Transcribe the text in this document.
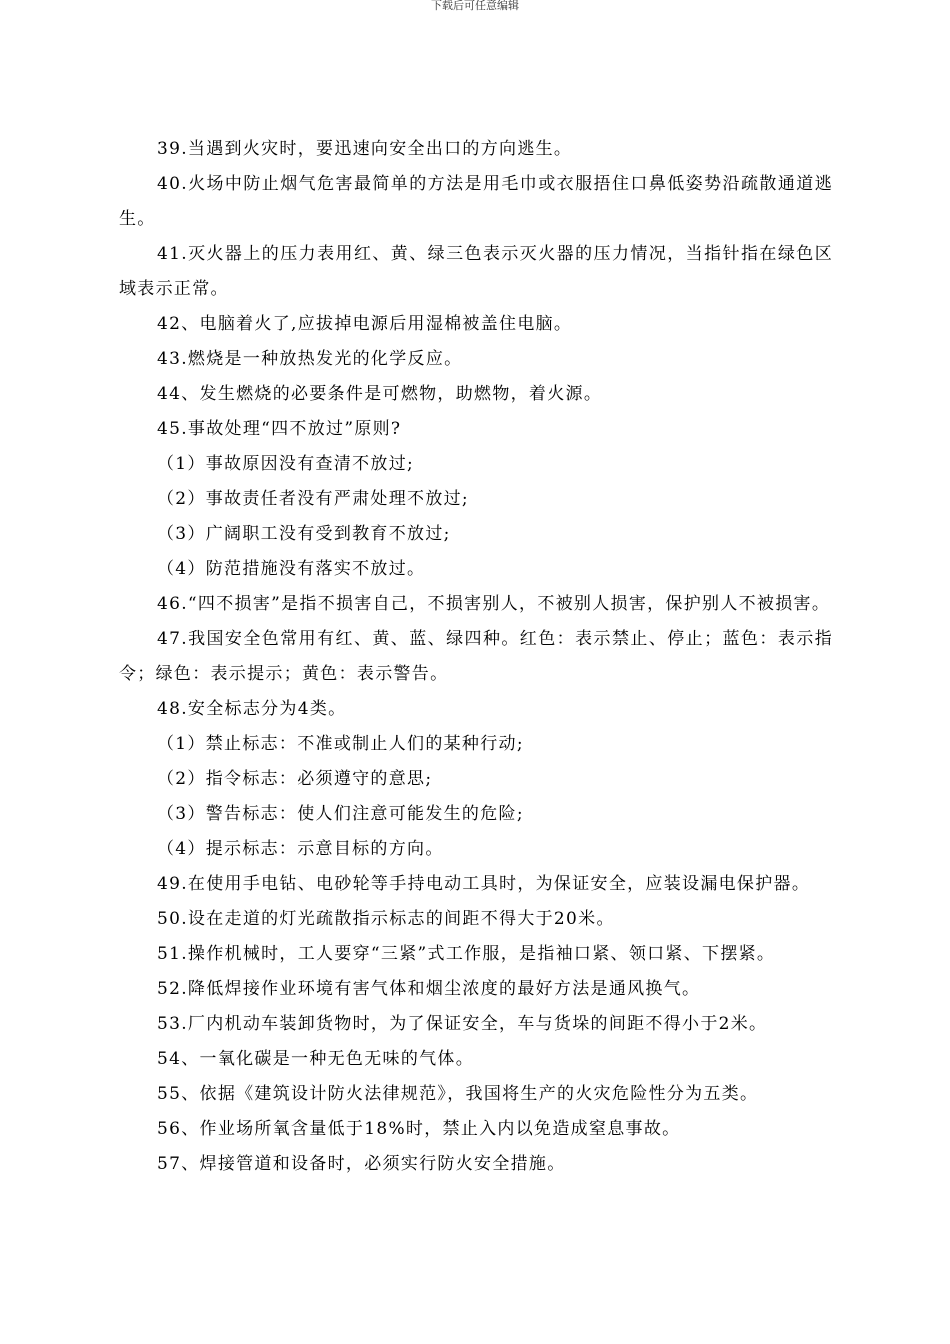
下载后可任意编辑

39.当遇到火灾时，要迅速向安全出口的方向逃生。

40.火场中防止烟气危害最简单的方法是用毛巾或衣服捂住口鼻低姿势沿疏散通道逃生。

41.灭火器上的压力表用红、黄、绿三色表示灭火器的压力情况，当指针指在绿色区域表示正常。

42、电脑着火了,应拔掉电源后用湿棉被盖住电脑。

43.燃烧是一种放热发光的化学反应。

44、发生燃烧的必要条件是可燃物，助燃物，着火源。

45.事故处理“四不放过”原则?

（1）事故原因没有查清不放过;

（2）事故责任者没有严肃处理不放过;

（3）广阔职工没有受到教育不放过;

（4）防范措施没有落实不放过。

46.“四不损害”是指不损害自己，不损害别人，不被别人损害，保护别人不被损害。

47.我国安全色常用有红、黄、蓝、绿四种。红色：表示禁止、停止；蓝色：表示指令；绿色：表示提示；黄色：表示警告。

48.安全标志分为4类。

（1）禁止标志：不准或制止人们的某种行动;

（2）指令标志：必须遵守的意思;

（3）警告标志：使人们注意可能发生的危险;

（4）提示标志：示意目标的方向。

49.在使用手电钻、电砂轮等手持电动工具时，为保证安全，应装设漏电保护器。

50.设在走道的灯光疏散指示标志的间距不得大于20米。

51.操作机械时，工人要穿“三紧”式工作服，是指袖口紧、领口紧、下摆紧。

52.降低焊接作业环境有害气体和烟尘浓度的最好方法是通风换气。

53.厂内机动车装卸货物时，为了保证安全，车与货垛的间距不得小于2米。

54、一氧化碳是一种无色无味的气体。

55、依据《建筑设计防火法律规范》，我国将生产的火灾危险性分为五类。

56、作业场所氧含量低于18%时，禁止入内以免造成窒息事故。

57、焊接管道和设备时，必须实行防火安全措施。
